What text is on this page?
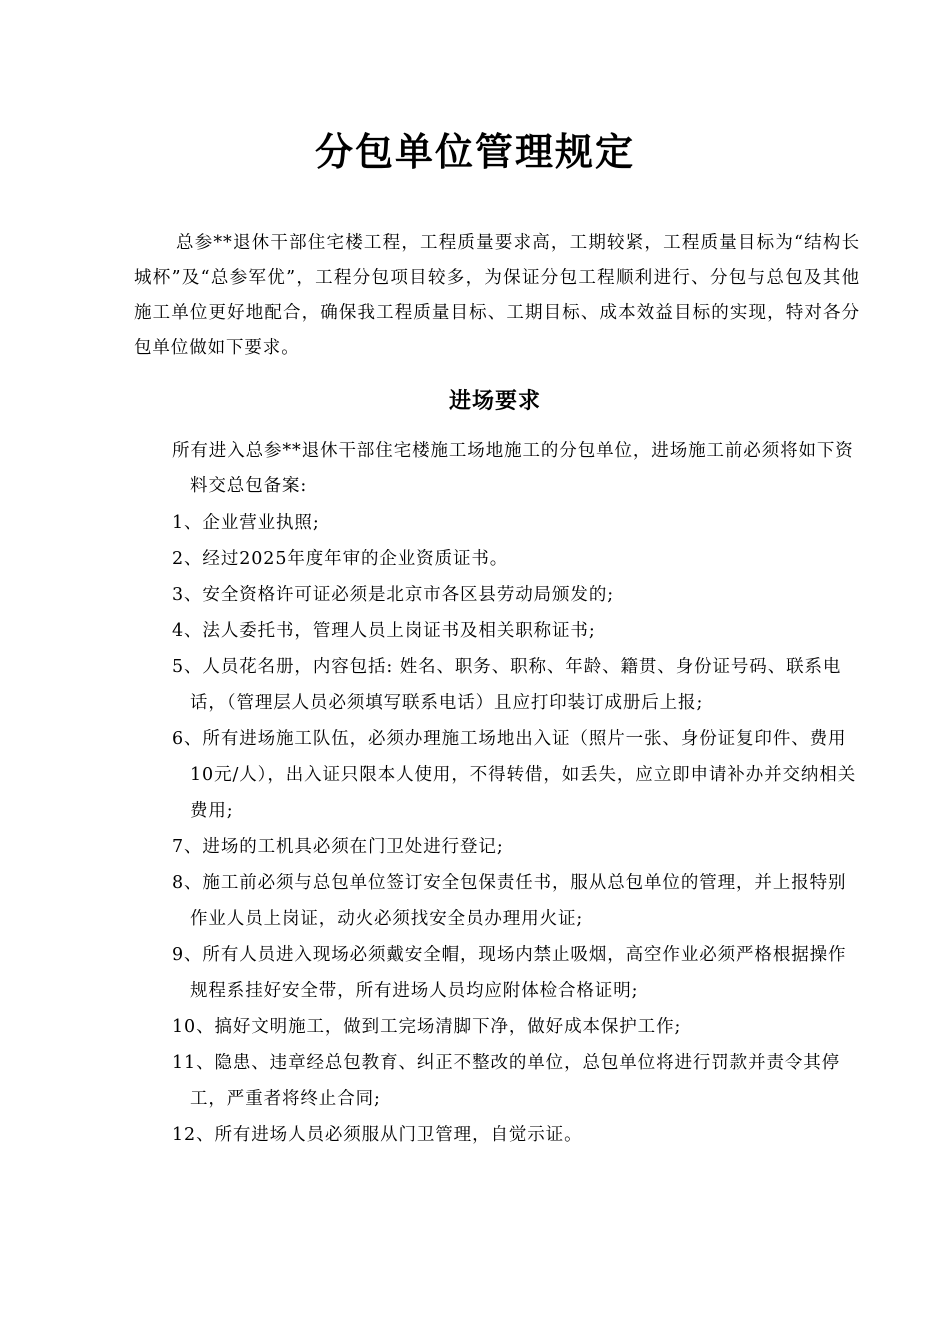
分包单位管理规定
总参**退休干部住宅楼工程，工程质量要求高，工期较紧，工程质量目标为“结构长城杯”及“总参军优”，工程分包项目较多，为保证分包工程顺利进行、分包与总包及其他施工单位更好地配合，确保我工程质量目标、工期目标、成本效益目标的实现，特对各分包单位做如下要求。
进场要求
所有进入总参**退休干部住宅楼施工场地施工的分包单位，进场施工前必须将如下资
料交总包备案:
1、企业营业执照;
2、经过2025年度年审的企业资质证书。
3、安全资格许可证必须是北京市各区县劳动局颁发的;
4、法人委托书，管理人员上岗证书及相关职称证书;
5、人员花名册，内容包括: 姓名、职务、职称、年龄、籍贯、身份证号码、联系电话，（管理层人员必须填写联系电话）且应打印装订成册后上报;
6、所有进场施工队伍，必须办理施工场地出入证（照片一张、身份证复印件、费用10元/人），出入证只限本人使用，不得转借，如丢失，应立即申请补办并交纳相关费用;
7、进场的工机具必须在门卫处进行登记;
8、施工前必须与总包单位签订安全包保责任书，服从总包单位的管理，并上报特别作业人员上岗证，动火必须找安全员办理用火证;
9、所有人员进入现场必须戴安全帽，现场内禁止吸烟，高空作业必须严格根据操作规程系挂好安全带，所有进场人员均应附体检合格证明;
10、搞好文明施工，做到工完场清脚下净，做好成本保护工作;
11、隐患、违章经总包教育、纠正不整改的单位，总包单位将进行罚款并责令其停工，严重者将终止合同;
12、所有进场人员必须服从门卫管理，自觉示证。
